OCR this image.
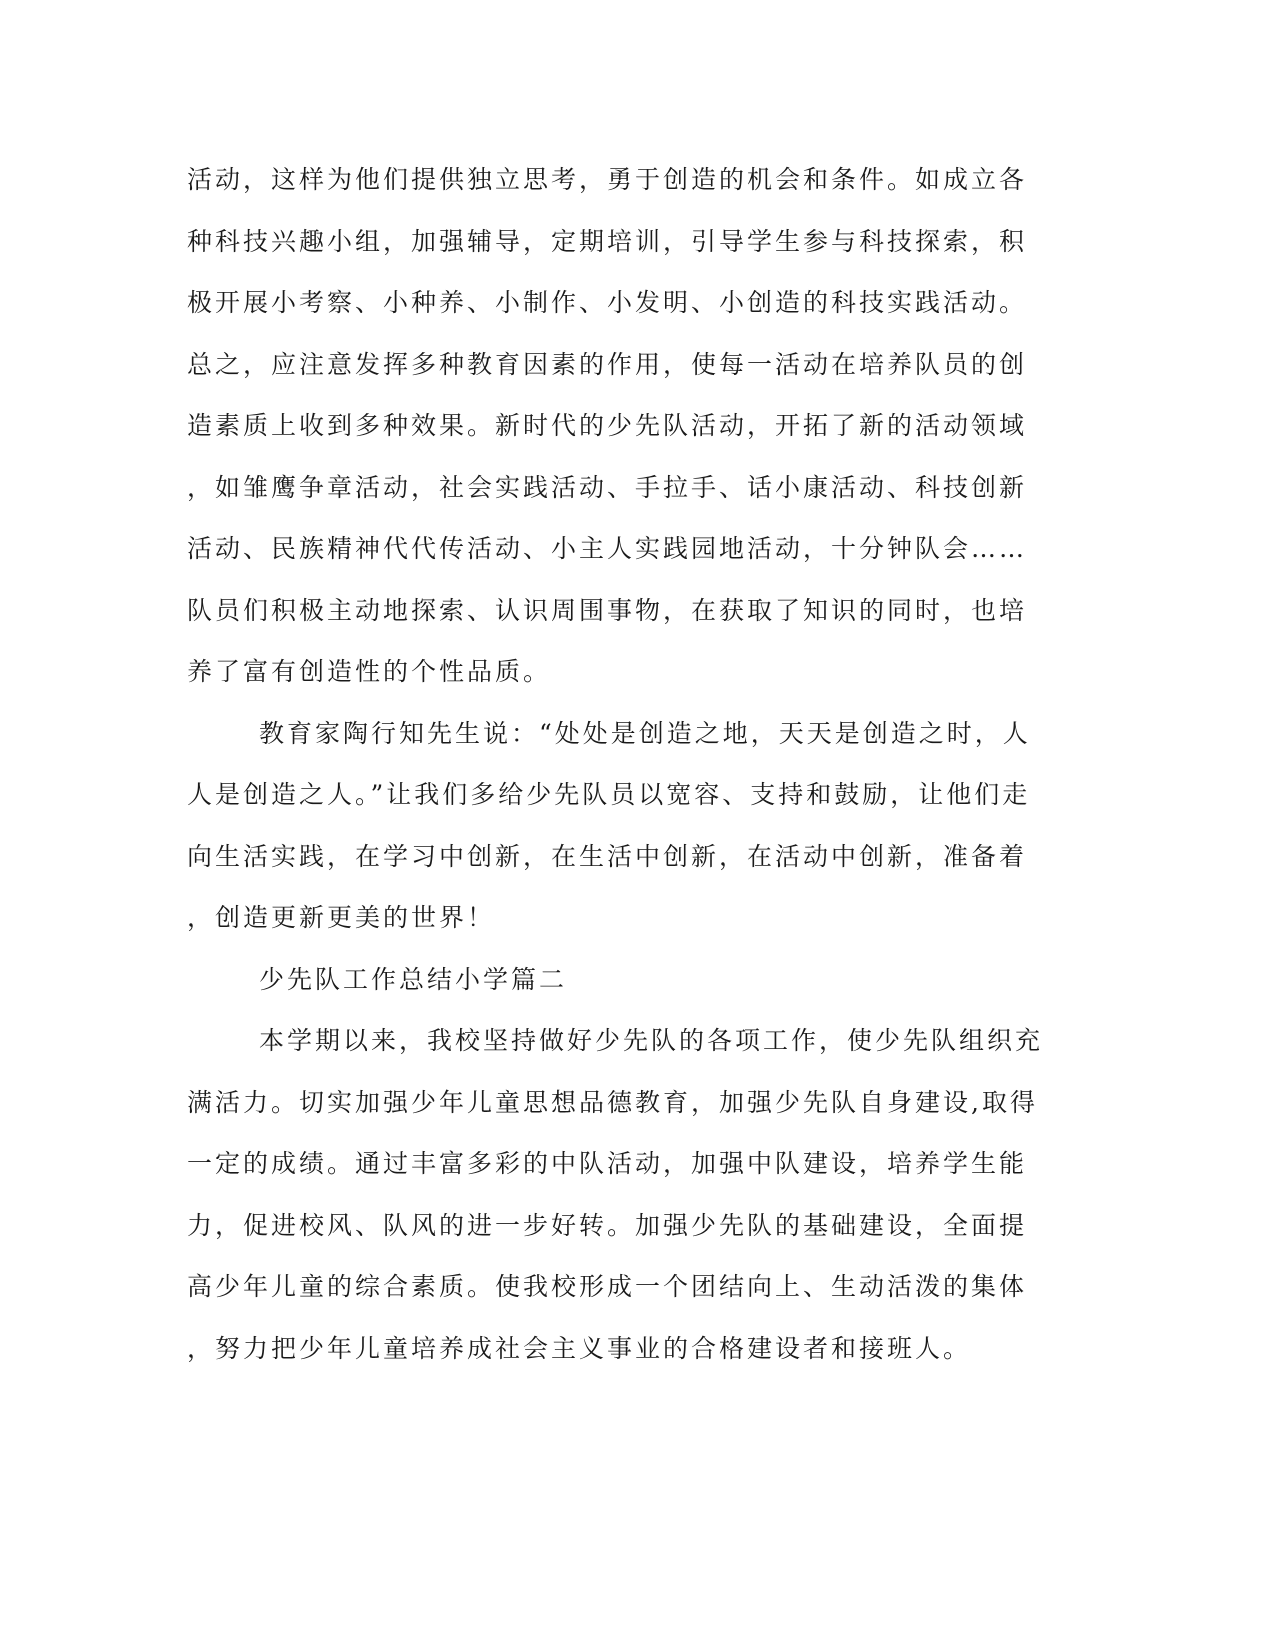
活动，这样为他们提供独立思考，勇于创造的机会和条件。如成立各
种科技兴趣小组，加强辅导，定期培训，引导学生参与科技探索，积
极开展小考察、小种养、小制作、小发明、小创造的科技实践活动。
总之，应注意发挥多种教育因素的作用，使每一活动在培养队员的创
造素质上收到多种效果。新时代的少先队活动，开拓了新的活动领域
，如雏鹰争章活动，社会实践活动、手拉手、话小康活动、科技创新
活动、民族精神代代传活动、小主人实践园地活动，十分钟队会……
队员们积极主动地探索、认识周围事物，在获取了知识的同时，也培
养了富有创造性的个性品质。
教育家陶行知先生说：“处处是创造之地，天天是创造之时，人
人是创造之人。”让我们多给少先队员以宽容、支持和鼓励，让他们走
向生活实践，在学习中创新，在生活中创新，在活动中创新，准备着
，创造更新更美的世界！
少先队工作总结小学篇二
本学期以来，我校坚持做好少先队的各项工作，使少先队组织充
满活力。切实加强少年儿童思想品德教育，加强少先队自身建设,取得
一定的成绩。通过丰富多彩的中队活动，加强中队建设，培养学生能
力，促进校风、队风的进一步好转。加强少先队的基础建设，全面提
高少年儿童的综合素质。使我校形成一个团结向上、生动活泼的集体
，努力把少年儿童培养成社会主义事业的合格建设者和接班人。
